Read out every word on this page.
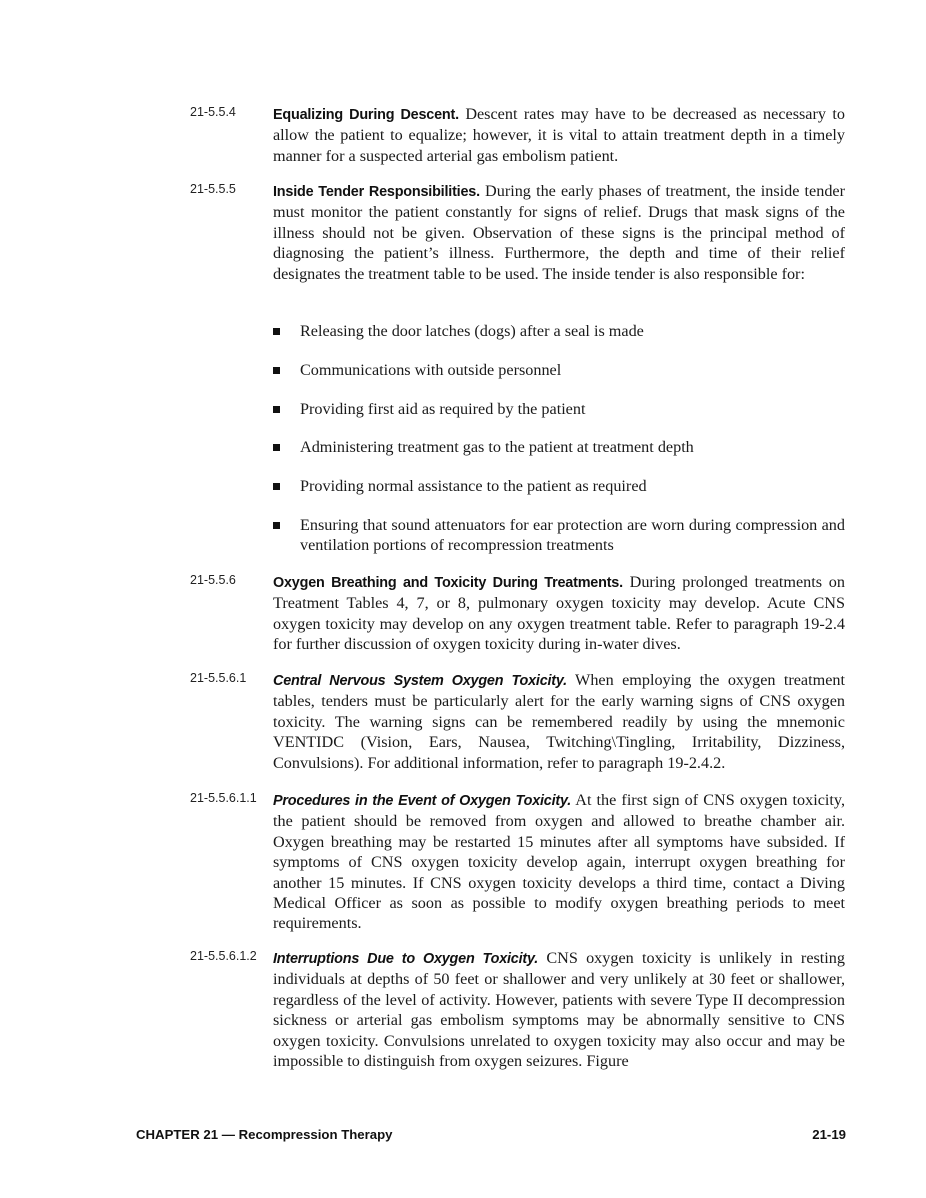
21-5.5.4	Equalizing During Descent. Descent rates may have to be decreased as necessary to allow the patient to equalize; however, it is vital to attain treatment depth in a timely manner for a suspected arterial gas embolism patient.
21-5.5.5	Inside Tender Responsibilities. During the early phases of treatment, the inside tender must monitor the patient constantly for signs of relief. Drugs that mask signs of the illness should not be given. Observation of these signs is the principal method of diagnosing the patient’s illness. Furthermore, the depth and time of their relief designates the treatment table to be used. The inside tender is also responsible for:
Releasing the door latches (dogs) after a seal is made
Communications with outside personnel
Providing first aid as required by the patient
Administering treatment gas to the patient at treatment depth
Providing normal assistance to the patient as required
Ensuring that sound attenuators for ear protection are worn during compression and ventilation portions of recompression treatments
21-5.5.6	Oxygen Breathing and Toxicity During Treatments. During prolonged treatments on Treatment Tables 4, 7, or 8, pulmonary oxygen toxicity may develop. Acute CNS oxygen toxicity may develop on any oxygen treatment table. Refer to paragraph 19-2.4 for further discussion of oxygen toxicity during in-water dives.
21-5.5.6.1 Central Nervous System Oxygen Toxicity. When employing the oxygen treatment tables, tenders must be particularly alert for the early warning signs of CNS oxygen toxicity. The warning signs can be remembered readily by using the mnemonic VENTIDC (Vision, Ears, Nausea, Twitching\Tingling, Irritability, Dizziness, Convulsions). For additional information, refer to paragraph 19-2.4.2.
21-5.5.6.1.1 Procedures in the Event of Oxygen Toxicity. At the first sign of CNS oxygen toxicity, the patient should be removed from oxygen and allowed to breathe chamber air. Oxygen breathing may be restarted 15 minutes after all symptoms have subsided. If symptoms of CNS oxygen toxicity develop again, interrupt oxygen breathing for another 15 minutes. If CNS oxygen toxicity develops a third time, contact a Diving Medical Officer as soon as possible to modify oxygen breathing periods to meet requirements.
21-5.5.6.1.2 Interruptions Due to Oxygen Toxicity. CNS oxygen toxicity is unlikely in resting individuals at depths of 50 feet or shallower and very unlikely at 30 feet or shallower, regardless of the level of activity. However, patients with severe Type II decompression sickness or arterial gas embolism symptoms may be abnormally sensitive to CNS oxygen toxicity. Convulsions unrelated to oxygen toxicity may also occur and may be impossible to distinguish from oxygen seizures. Figure
CHAPTER 21 — Recompression Therapy	21-19
